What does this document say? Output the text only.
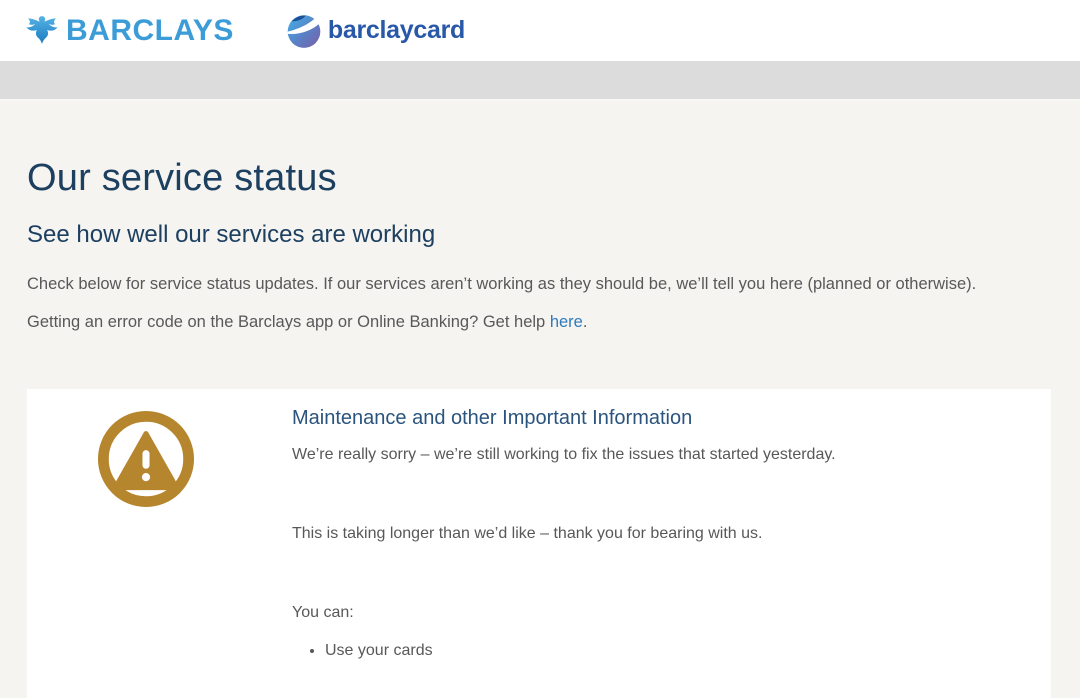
BARCLAYS	barclaycard
Our service status
See how well our services are working

Check below for service status updates. If our services aren’t working as they should be, we’ll tell you here (planned or otherwise).

Getting an error code on the Barclays app or Online Banking? Get help here.

Maintenance and other Important Information

We’re really sorry – we’re still working to fix the issues that started yesterday.

This is taking longer than we’d like – thank you for bearing with us.

You can:

• Use your cards
